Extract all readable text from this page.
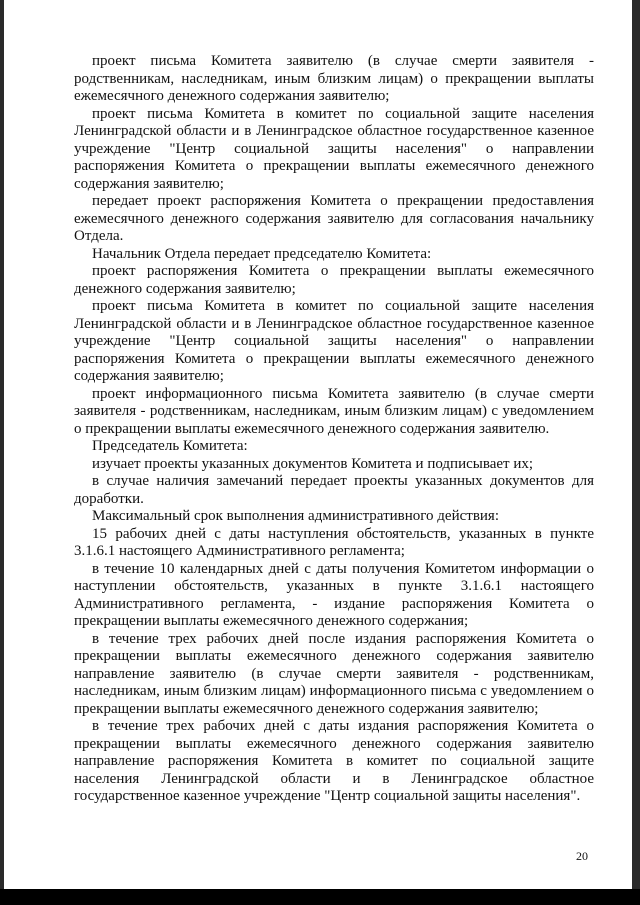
проект письма Комитета заявителю (в случае смерти заявителя - родственникам, наследникам, иным близким лицам) о прекращении выплаты ежемесячного денежного содержания заявителю;

проект письма Комитета в комитет по социальной защите населения Ленинградской области и в Ленинградское областное государственное казенное учреждение "Центр социальной защиты населения" о направлении распоряжения Комитета о прекращении выплаты ежемесячного денежного содержания заявителю;

передает проект распоряжения Комитета о прекращении предоставления ежемесячного денежного содержания заявителю для согласования начальнику Отдела.

Начальник Отдела передает председателю Комитета:

проект распоряжения Комитета о прекращении выплаты ежемесячного денежного содержания заявителю;

проект письма Комитета в комитет по социальной защите населения Ленинградской области и в Ленинградское областное государственное казенное учреждение "Центр социальной защиты населения" о направлении распоряжения Комитета о прекращении выплаты ежемесячного денежного содержания заявителю;

проект информационного письма Комитета заявителю (в случае смерти заявителя - родственникам, наследникам, иным близким лицам) с уведомлением о прекращении выплаты ежемесячного денежного содержания заявителю.

Председатель Комитета:

изучает проекты указанных документов Комитета и подписывает их;

в случае наличия замечаний передает проекты указанных документов для доработки.

Максимальный срок выполнения административного действия:

15 рабочих дней с даты наступления обстоятельств, указанных в пункте 3.1.6.1 настоящего Административного регламента;

в течение 10 календарных дней с даты получения Комитетом информации о наступлении обстоятельств, указанных в пункте 3.1.6.1 настоящего Административного регламента, - издание распоряжения Комитета о прекращении выплаты ежемесячного денежного содержания;

в течение трех рабочих дней после издания распоряжения Комитета о прекращении выплаты ежемесячного денежного содержания заявителю направление заявителю (в случае смерти заявителя - родственникам, наследникам, иным близким лицам) информационного письма с уведомлением о прекращении выплаты ежемесячного денежного содержания заявителю;

в течение трех рабочих дней с даты издания распоряжения Комитета о прекращении выплаты ежемесячного денежного содержания заявителю направление распоряжения Комитета в комитет по социальной защите населения Ленинградской области и в Ленинградское областное государственное казенное учреждение "Центр социальной защиты населения".

20
